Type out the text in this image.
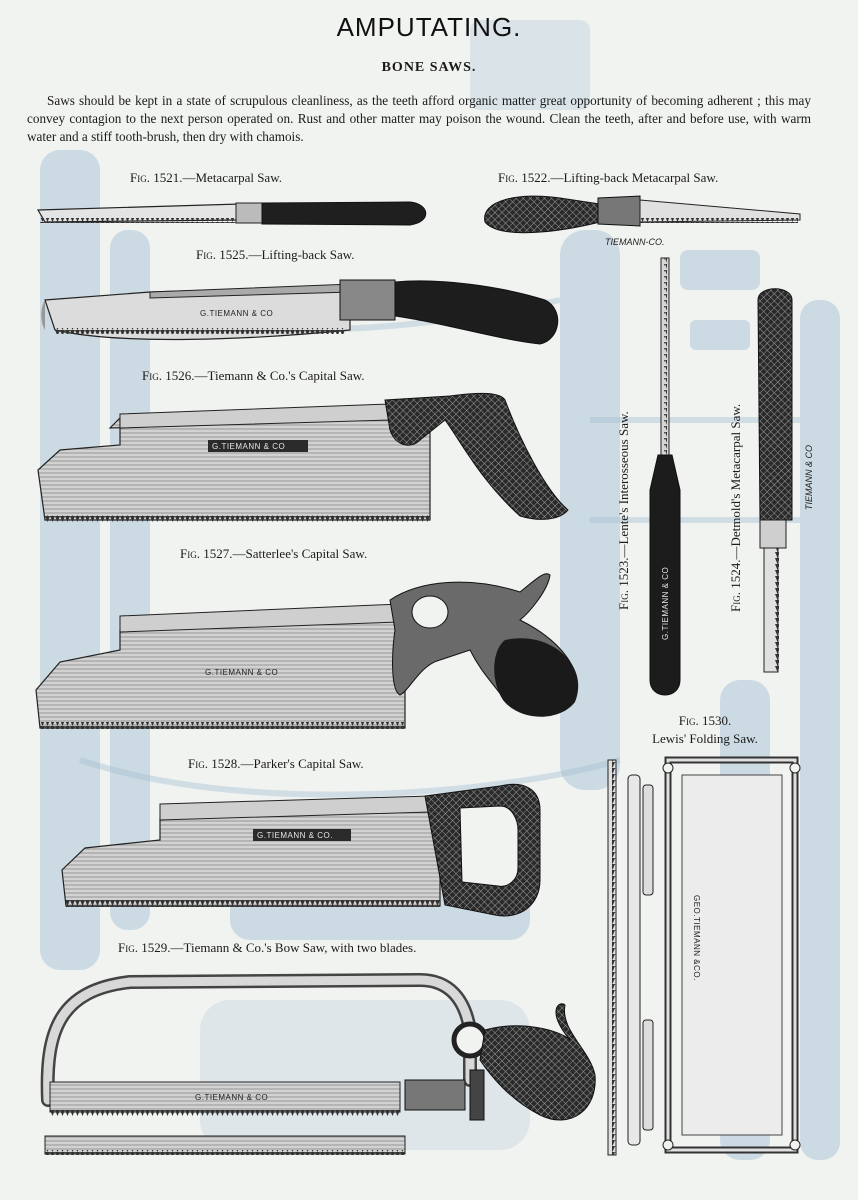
AMPUTATING.
BONE SAWS.
Saws should be kept in a state of scrupulous cleanliness, as the teeth afford organic matter great opportunity of becoming adherent ; this may convey contagion to the next person operated on. Rust and other matter may poison the wound. Clean the teeth, after and before use, with warm water and a stiff tooth-brush, then dry with chamois.
Fig. 1521.—Metacarpal Saw.	Fig. 1522.—Lifting-back Metacarpal Saw.
Fig. 1525.—Lifting-back Saw.
Fig. 1526.—Tiemann & Co.'s Capital Saw.
Fig. 1527.—Satterlee's Capital Saw.
Fig. 1528.—Parker's Capital Saw.
Fig. 1529.—Tiemann & Co.'s Bow Saw, with two blades.
Fig. 1523.—Lente's Interosseous Saw.
Fig. 1524.—Detmold's Metacarpal Saw.
Fig. 1530.
Lewis' Folding Saw.
TIEMANN-CO.
G.TIEMANN & CO
G.TIEMANN & CO
G.TIEMANN & CO
G.TIEMANN & CO.
G.TIEMANN & CO
G.TIEMANN & CO
TIEMANN & CO
GEO.TIEMANN &CO.
